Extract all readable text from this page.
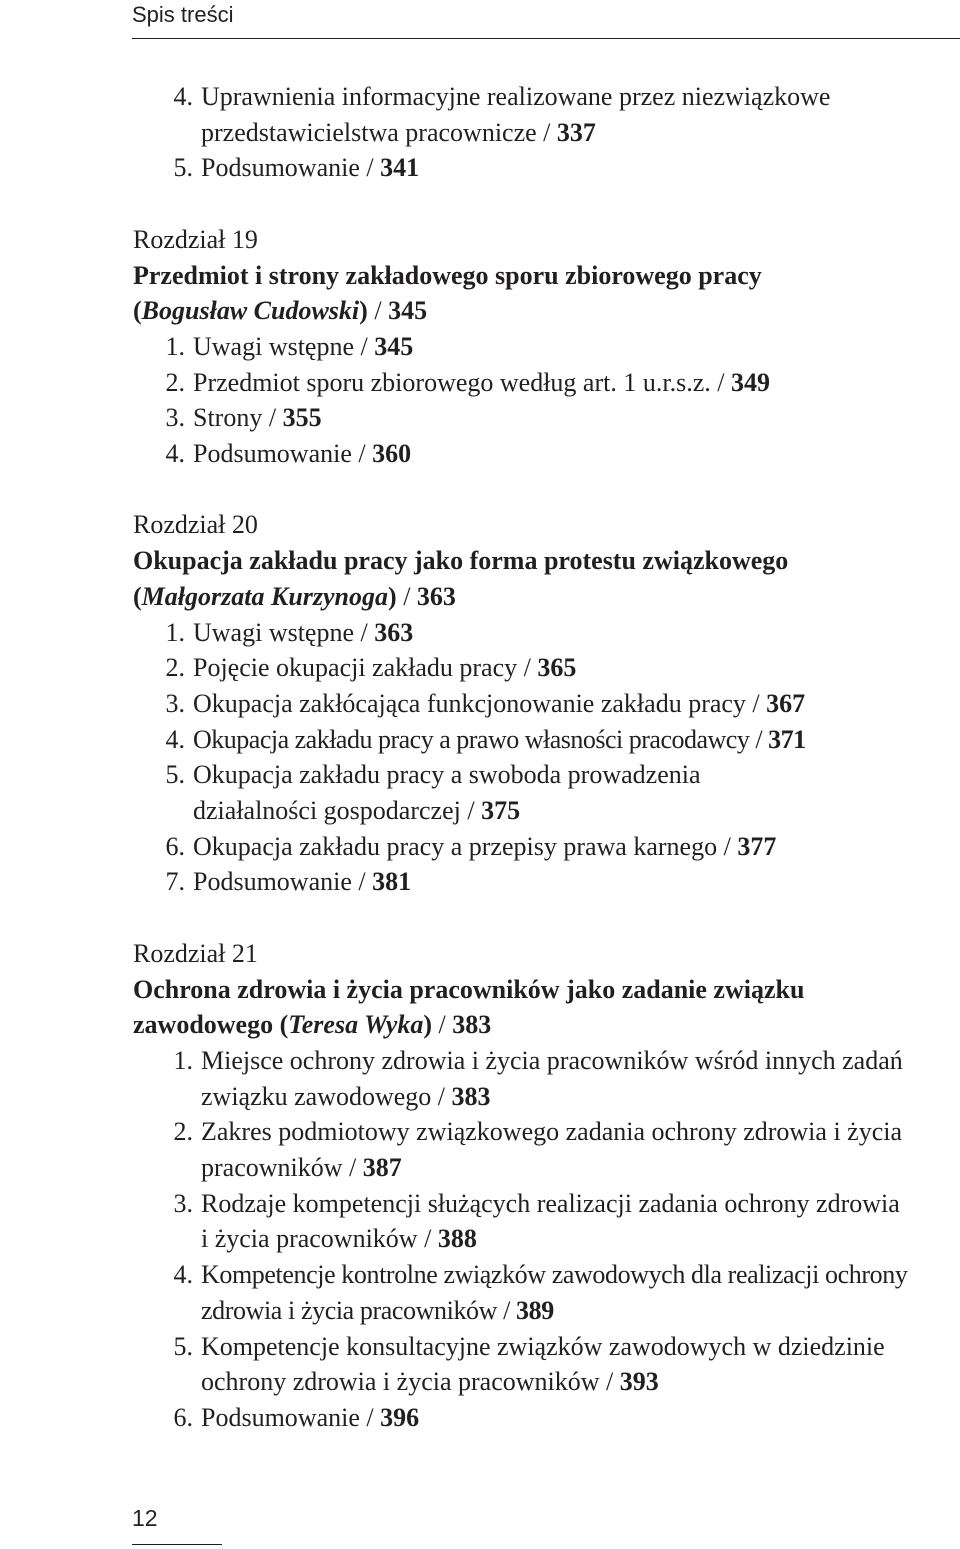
Spis treści
4. Uprawnienia informacyjne realizowane przez niezwiązkowe przedstawicielstwa pracownicze / 337
5. Podsumowanie / 341
Rozdział 19
Przedmiot i strony zakładowego sporu zbiorowego pracy (Bogusław Cudowski) / 345
1. Uwagi wstępne / 345
2. Przedmiot sporu zbiorowego według art. 1 u.r.s.z. / 349
3. Strony / 355
4. Podsumowanie / 360
Rozdział 20
Okupacja zakładu pracy jako forma protestu związkowego (Małgorzata Kurzynoga) / 363
1. Uwagi wstępne / 363
2. Pojęcie okupacji zakładu pracy / 365
3. Okupacja zakłócająca funkcjonowanie zakładu pracy / 367
4. Okupacja zakładu pracy a prawo własności pracodawcy / 371
5. Okupacja zakładu pracy a swoboda prowadzenia działalności gospodarczej / 375
6. Okupacja zakładu pracy a przepisy prawa karnego / 377
7. Podsumowanie / 381
Rozdział 21
Ochrona zdrowia i życia pracowników jako zadanie związku zawodowego (Teresa Wyka) / 383
1. Miejsce ochrony zdrowia i życia pracowników wśród innych zadań związku zawodowego / 383
2. Zakres podmiotowy związkowego zadania ochrony zdrowia i życia pracowników / 387
3. Rodzaje kompetencji służących realizacji zadania ochrony zdrowia i życia pracowników / 388
4. Kompetencje kontrolne związków zawodowych dla realizacji ochrony zdrowia i życia pracowników / 389
5. Kompetencje konsultacyjne związków zawodowych w dziedzinie ochrony zdrowia i życia pracowników / 393
6. Podsumowanie / 396
12
